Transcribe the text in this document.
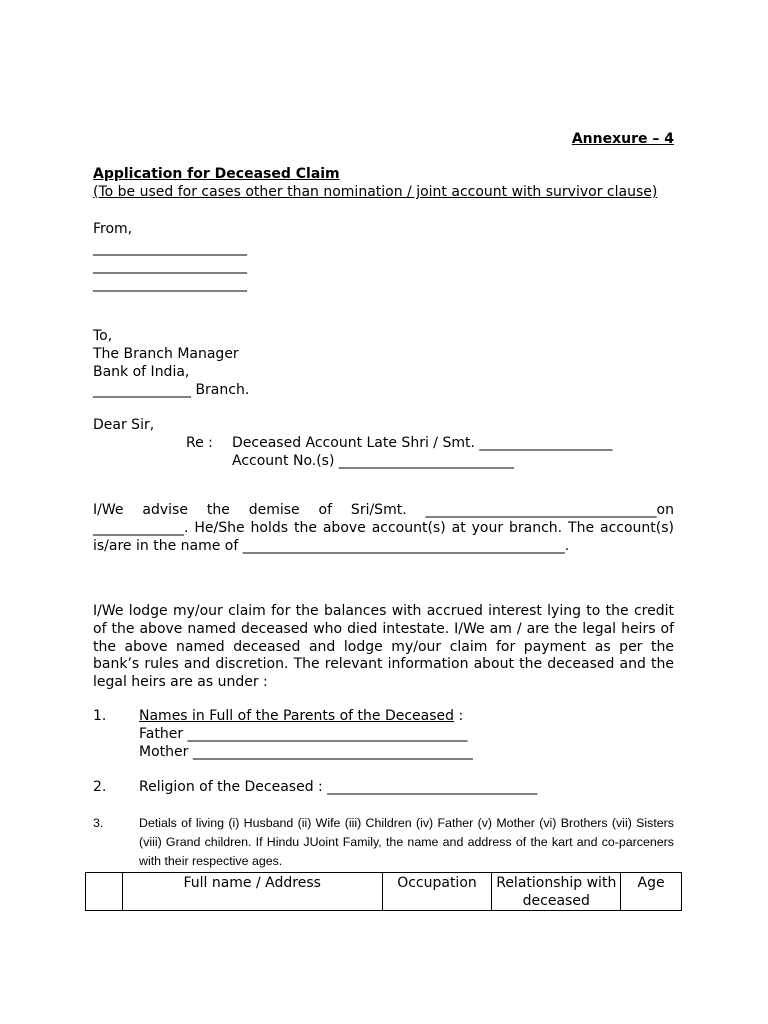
Annexure – 4
Application for Deceased Claim
(To be used for cases other than nomination / joint account with survivor clause)
From,
______________________
______________________
______________________
To,
The Branch Manager
Bank of India,
______________ Branch.
Dear Sir,
Re : Deceased Account Late Shri / Smt. ___________________
Account No.(s) _________________________
I/We advise the demise of Sri/Smt. _________________________________on _____________. He/She holds the above account(s) at your branch. The account(s) is/are in the name of ______________________________________________.
I/We lodge my/our claim for the balances with accrued interest lying to the credit of the above named deceased who died intestate. I/We am / are the legal heirs of the above named deceased and lodge my/our claim for payment as per the bank’s rules and discretion. The relevant information about the deceased and the legal heirs are as under :
1. Names in Full of the Parents of the Deceased :
Father ________________________________________
Mother ________________________________________
2. Religion of the Deceased : ______________________________
3.	Detials of living (i) Husband (ii) Wife (iii) Children (iv) Father (v) Mother (vi) Brothers (vii) Sisters (viii) Grand children. If Hindu JUoint Family, the name and address of the kart and co-parceners with their respective ages.
	Full name / Address	Occupation	Relationship with deceased	Age
